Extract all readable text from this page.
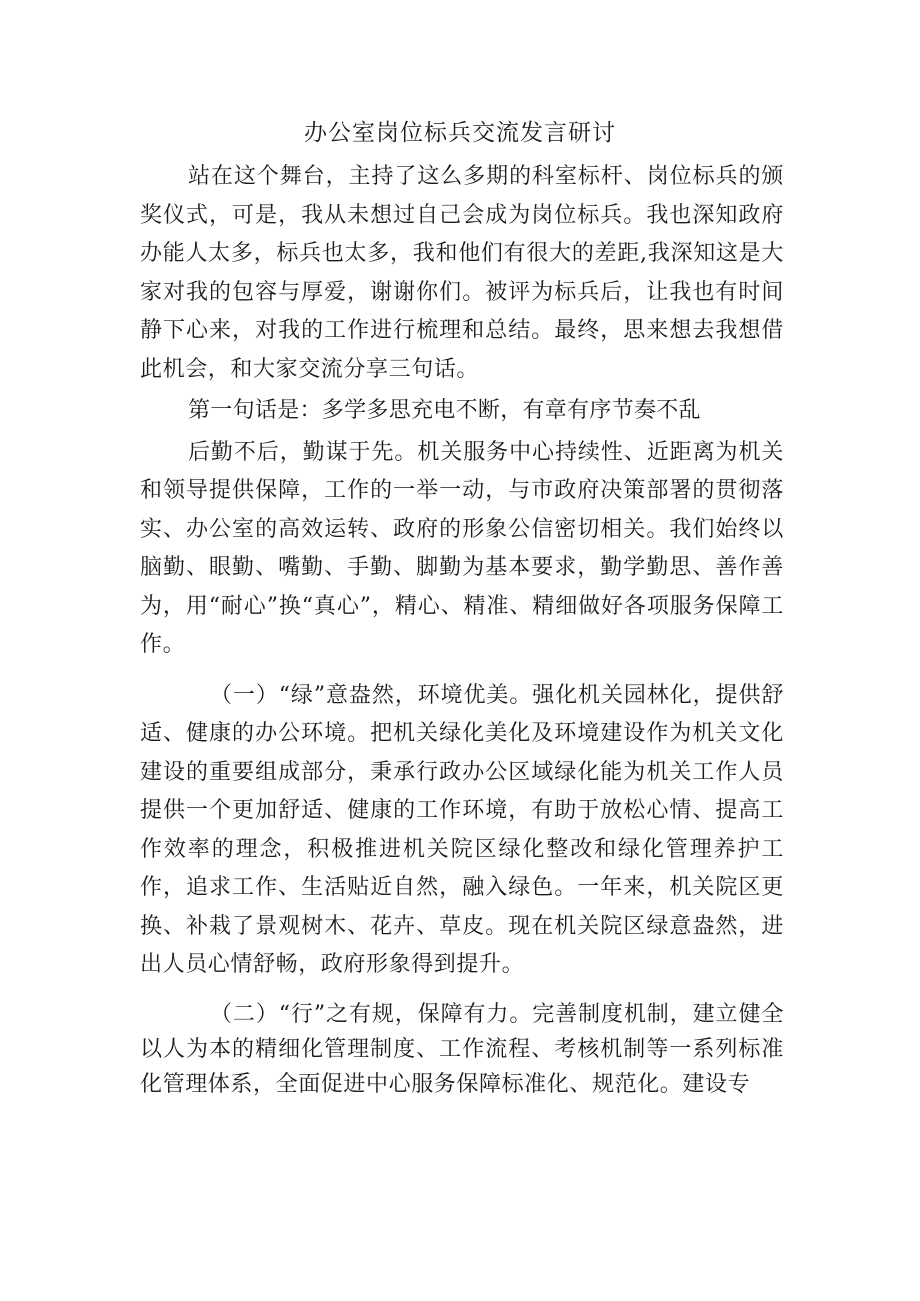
办公室岗位标兵交流发言研讨

站在这个舞台，主持了这么多期的科室标杆、岗位标兵的颁奖仪式，可是，我从未想过自己会成为岗位标兵。我也深知政府办能人太多，标兵也太多，我和他们有很大的差距,我深知这是大家对我的包容与厚爱，谢谢你们。被评为标兵后，让我也有时间静下心来，对我的工作进行梳理和总结。最终，思来想去我想借此机会，和大家交流分享三句话。

第一句话是：多学多思充电不断，有章有序节奏不乱

后勤不后，勤谋于先。机关服务中心持续性、近距离为机关和领导提供保障，工作的一举一动，与市政府决策部署的贯彻落实、办公室的高效运转、政府的形象公信密切相关。我们始终以脑勤、眼勤、嘴勤、手勤、脚勤为基本要求，勤学勤思、善作善为，用“耐心”换“真心”，精心、精准、精细做好各项服务保障工作。

（一）“绿”意盎然，环境优美。强化机关园林化，提供舒适、健康的办公环境。把机关绿化美化及环境建设作为机关文化建设的重要组成部分，秉承行政办公区域绿化能为机关工作人员提供一个更加舒适、健康的工作环境，有助于放松心情、提高工作效率的理念，积极推进机关院区绿化整改和绿化管理养护工作，追求工作、生活贴近自然，融入绿色。一年来，机关院区更换、补栽了景观树木、花卉、草皮。现在机关院区绿意盎然，进出人员心情舒畅，政府形象得到提升。

（二）“行”之有规，保障有力。完善制度机制，建立健全以人为本的精细化管理制度、工作流程、考核机制等一系列标准化管理体系，全面促进中心服务保障标准化、规范化。建设专
